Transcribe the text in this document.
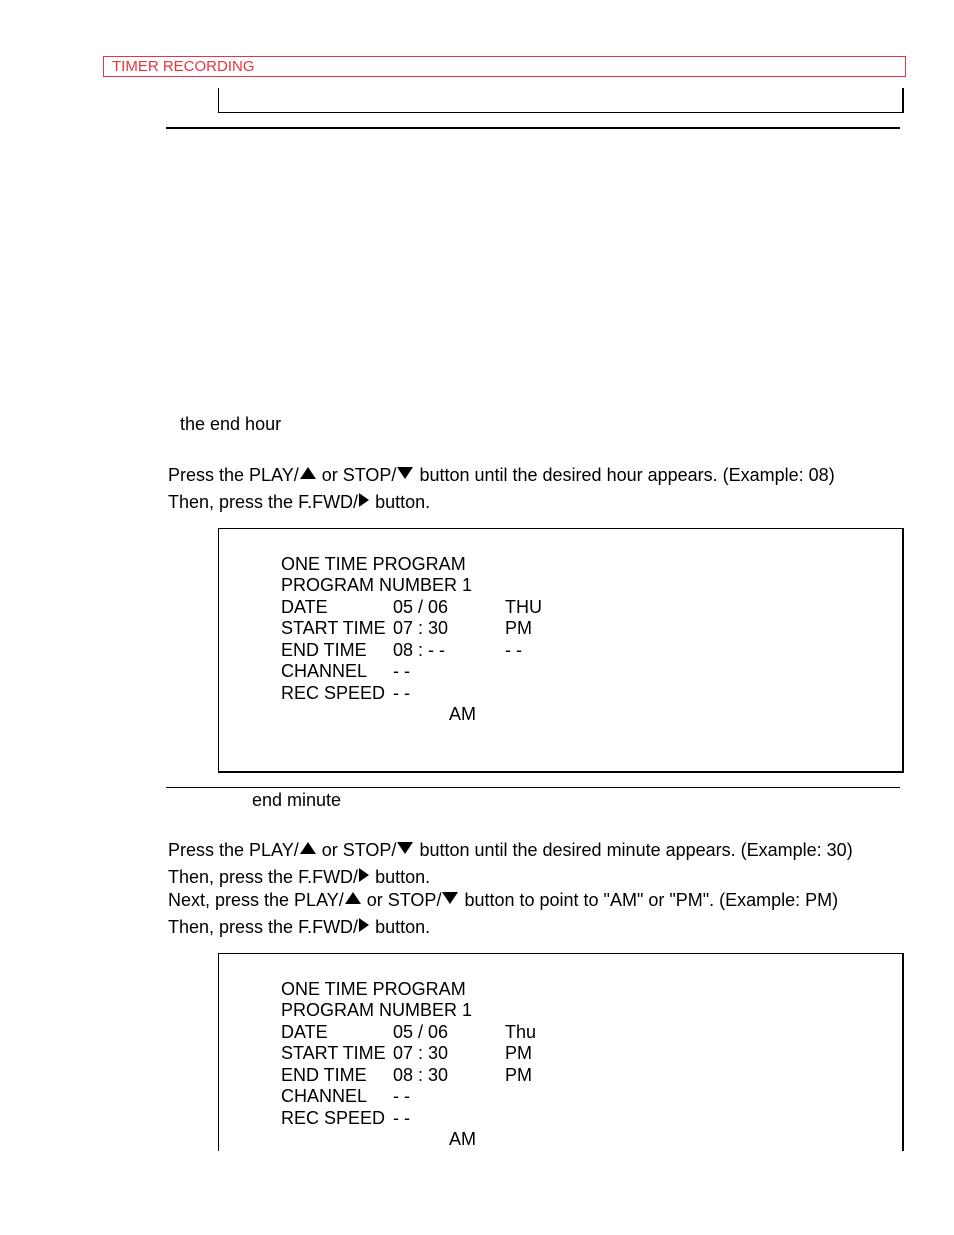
TIMER RECORDING
the end hour
Press the PLAY/ or STOP/ button until the desired hour appears. (Example: 08)
Then, press the F.FWD/ button.
ONE TIME PROGRAM
PROGRAM NUMBER 1
DATE	05 / 06	THU
START TIME 07 : 30	PM
END TIME 08 : - -	- -
CHANNEL - -
REC SPEED - -
AM
end minute
Press the PLAY/ or STOP/ button until the desired minute appears. (Example: 30)
Then, press the F.FWD/ button.
Next, press the PLAY/ or STOP/ button to point to "AM" or "PM". (Example: PM)
Then, press the F.FWD/ button.
ONE TIME PROGRAM
PROGRAM NUMBER 1
DATE	05 / 06	Thu
START TIME 07 : 30	PM
END TIME 08 : 30	PM
CHANNEL - -
REC SPEED - -
AM
